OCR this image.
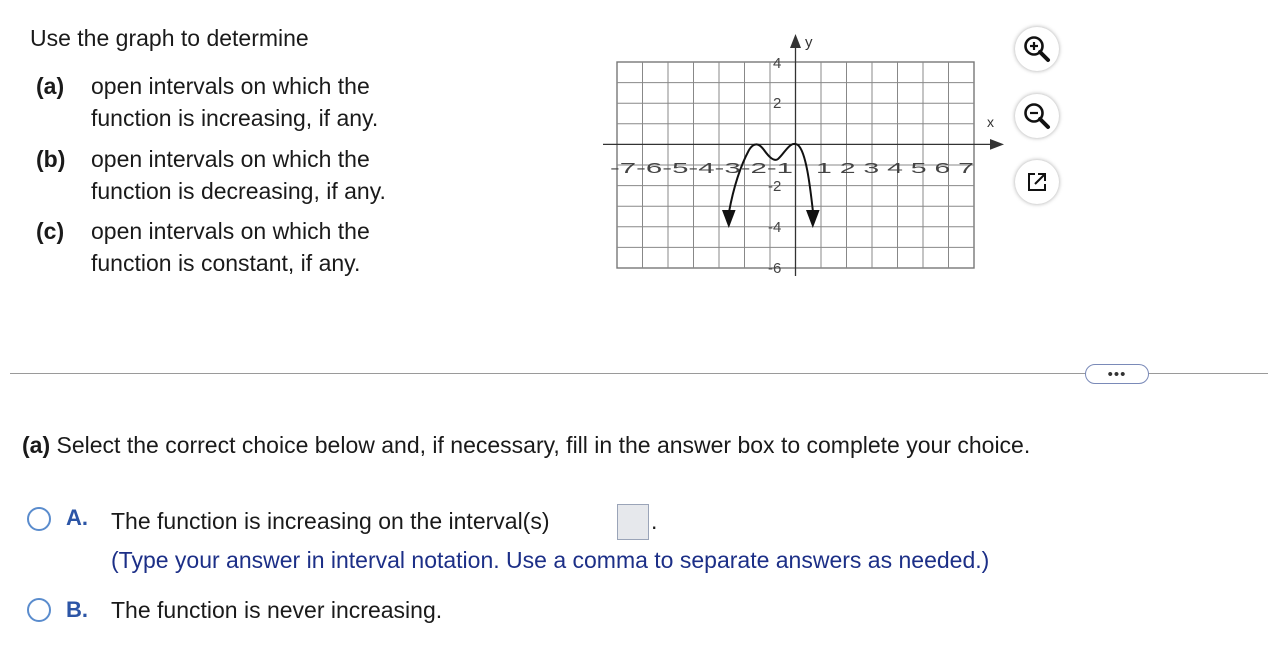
Use the graph to determine
(a) open intervals on which the
function is increasing, if any.
(b) open intervals on which the
function is decreasing, if any.
(c) open intervals on which the
function is constant, if any.
x
y
-7-6-5-4-3-2-1 1 2 3 4 5 6 7
4
2
-2
-4
-6
•••
(a) Select the correct choice below and, if necessary, fill in the answer box to complete your choice.
A. The function is increasing on the interval(s)	.
(Type your answer in interval notation. Use a comma to separate answers as needed.)
B. The function is never increasing.
